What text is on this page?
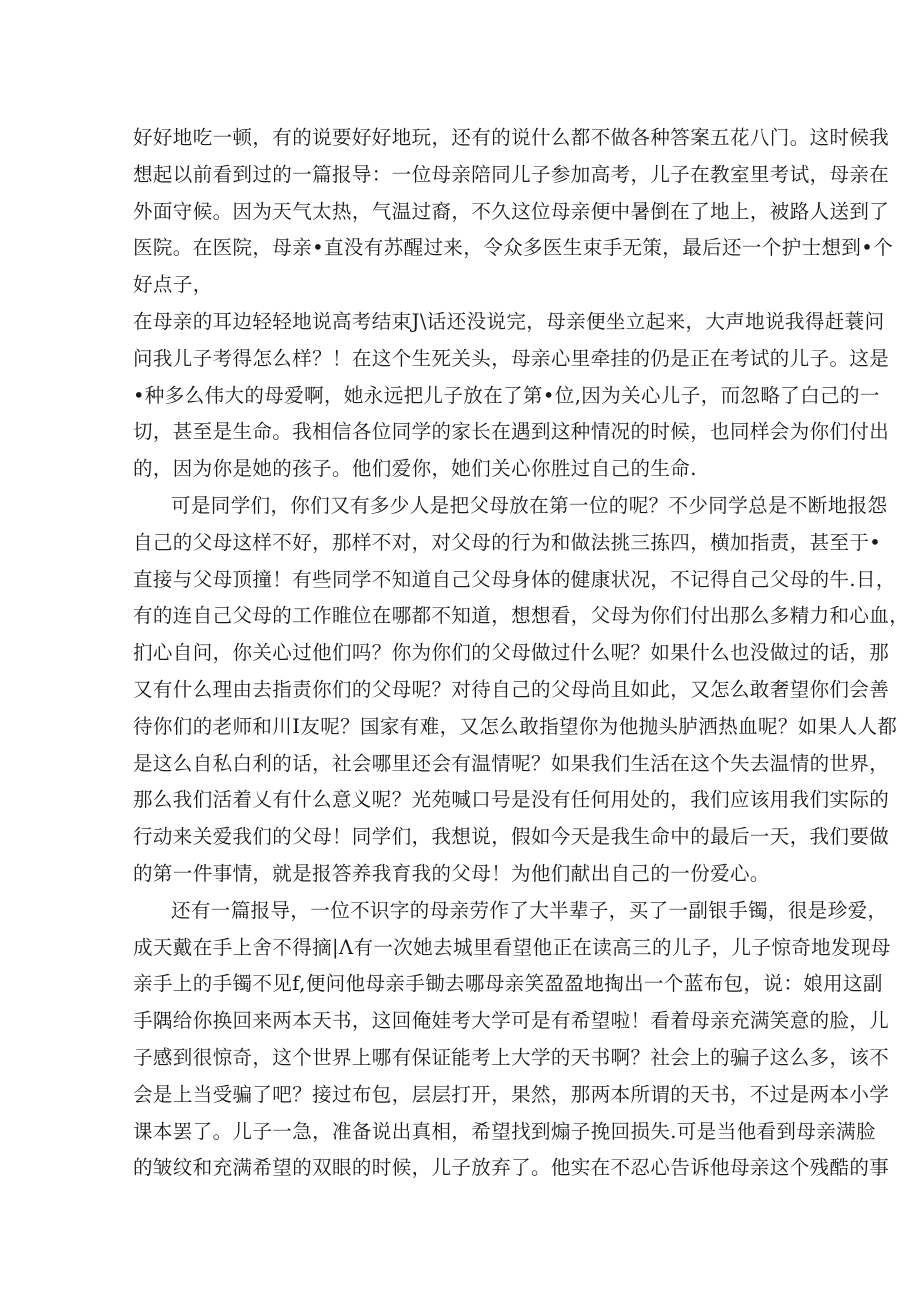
好好地吃一顿，有的说要好好地玩，还有的说什么都不做各种答案五花八门。这时候我
想起以前看到过的一篇报导：一位母亲陪同儿子参加高考，儿子在教室里考试，母亲在
外面守候。因为天气太热，气温过裔，不久这位母亲便中暑倒在了地上，被路人送到了
医院。在医院，母亲•直没有苏醒过来，令众多医生束手无策，最后还一个护士想到•个
好点子，
在母亲的耳边轻轻地说高考结束J\话还没说完，母亲便坐立起来，大声地说我得赶蓑问
问我儿子考得怎么样？！在这个生死关头，母亲心里牵挂的仍是正在考试的儿子。这是
•种多么伟大的母爱啊，她永远把儿子放在了第•位,因为关心儿子，而忽略了白己的一
切，甚至是生命。我相信各位同学的家长在遇到这种情况的时候，也同样会为你们付出
的，因为你是她的孩子。他们爱你，她们关心你胜过自己的生命.
可是同学们，你们又有多少人是把父母放在第一位的呢？不少同学总是不断地报怨
自己的父母这样不好，那样不对，对父母的行为和做法挑三拣四，横加指责，甚至于•
直接与父母顶撞！有些同学不知道自己父母身体的健康状况，不记得自己父母的牛.日，
有的连自己父母的工作睢位在哪都不知道，想想看，父母为你们付出那么多精力和心血，
扪心自问，你关心过他们吗？你为你们的父母做过什么呢？如果什么也没做过的话，那
又有什么理由去指责你们的父母呢？对待自己的父母尚且如此，又怎么敢奢望你们会善
待你们的老师和川I友呢？国家有难，又怎么敢指望你为他抛头胪洒热血呢？如果人人都
是这么自私白利的话，社会哪里还会有温情呢？如果我们生活在这个失去温情的世界，
那么我们活着乂有什么意义呢？光苑喊口号是没有任何用处的，我们应该用我们实际的
行动来关爱我们的父母！同学们，我想说，假如今天是我生命中的最后一天，我们要做
的第一件事情，就是报答养我育我的父母！为他们献出自己的一份爱心。
还有一篇报导，一位不识字的母亲劳作了大半辈子，买了一副银手镯，很是珍爱，
成天戴在手上舍不得摘|Λ有一次她去城里看望他正在读高三的儿子，儿子惊奇地发现母
亲手上的手镯不见f,便问他母亲手锄去哪母亲笑盈盈地掏出一个蓝布包，说：娘用这副
手隅给你换回来两本天书，这回俺娃考大学可是有希望啦！看着母亲充满笑意的脸，儿
子感到很惊奇，这个世界上哪有保证能考上大学的天书啊？社会上的骗子这么多，该不
会是上当受骗了吧？接过布包，层层打开，果然，那两本所谓的天书，不过是两本小学
课本罢了。儿子一急，准备说出真相，希望找到煽子挽回损失.可是当他看到母亲满脸
的皱纹和充满希望的双眼的时候，儿子放弃了。他实在不忍心告诉他母亲这个残酷的事
